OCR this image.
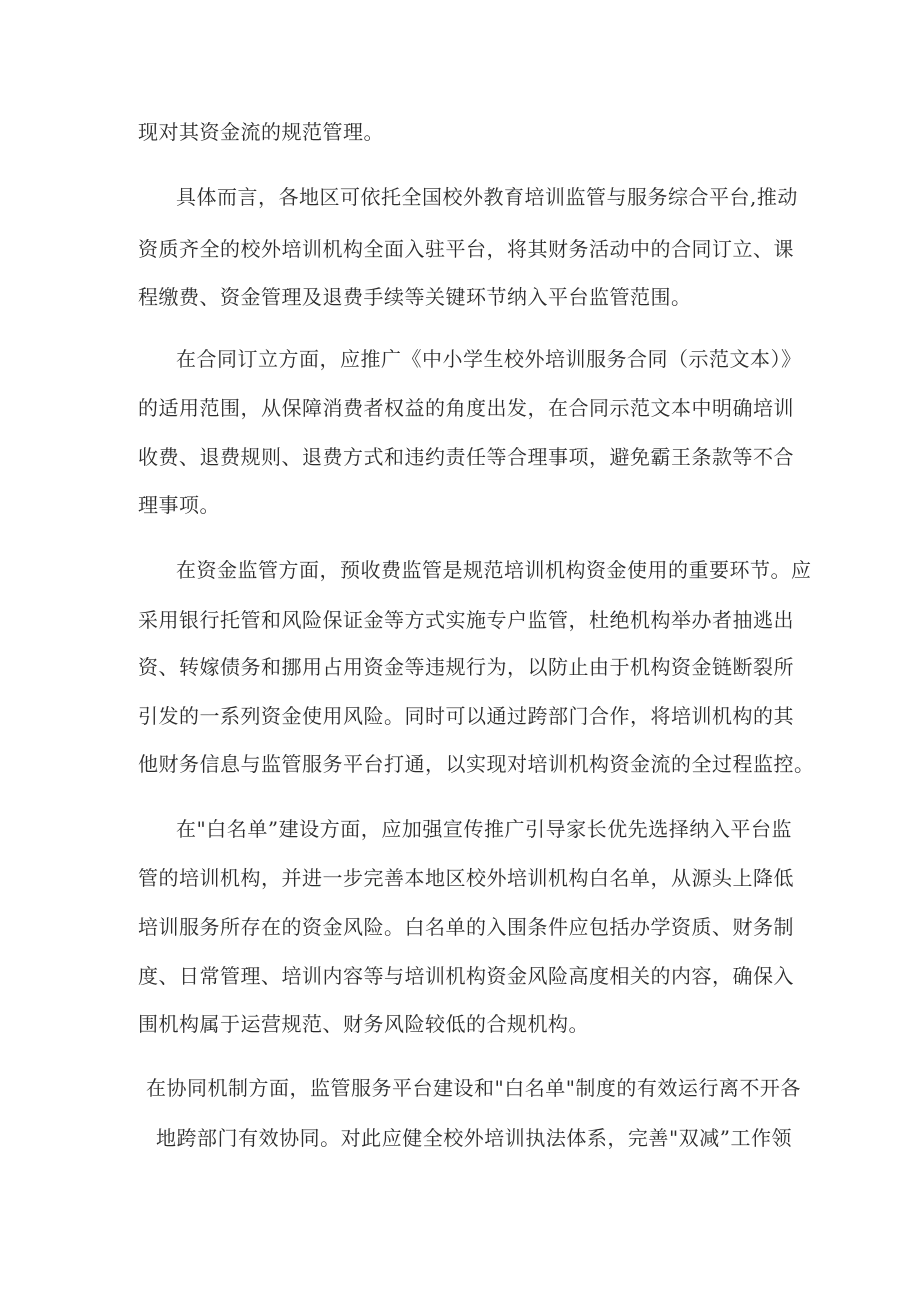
现对其资金流的规范管理。
具体而言，各地区可依托全国校外教育培训监管与服务综合平台,推动
资质齐全的校外培训机构全面入驻平台，将其财务活动中的合同订立、课
程缴费、资金管理及退费手续等关键环节纳入平台监管范围。
在合同订立方面，应推广《中小学生校外培训服务合同（示范文本）》
的适用范围，从保障消费者权益的角度出发，在合同示范文本中明确培训
收费、退费规则、退费方式和违约责任等合理事项，避免霸王条款等不合
理事项。
在资金监管方面，预收费监管是规范培训机构资金使用的重要环节。应
采用银行托管和风险保证金等方式实施专户监管，杜绝机构举办者抽逃出
资、转嫁债务和挪用占用资金等违规行为，以防止由于机构资金链断裂所
引发的一系列资金使用风险。同时可以通过跨部门合作，将培训机构的其
他财务信息与监管服务平台打通，以实现对培训机构资金流的全过程监控。
在"白名单”建设方面，应加强宣传推广引导家长优先选择纳入平台监
管的培训机构，并进一步完善本地区校外培训机构白名单，从源头上降低
培训服务所存在的资金风险。白名单的入围条件应包括办学资质、财务制
度、日常管理、培训内容等与培训机构资金风险高度相关的内容，确保入
围机构属于运营规范、财务风险较低的合规机构。
在协同机制方面，监管服务平台建设和"白名单"制度的有效运行离不开各
地跨部门有效协同。对此应健全校外培训执法体系，完善"双减”工作领
